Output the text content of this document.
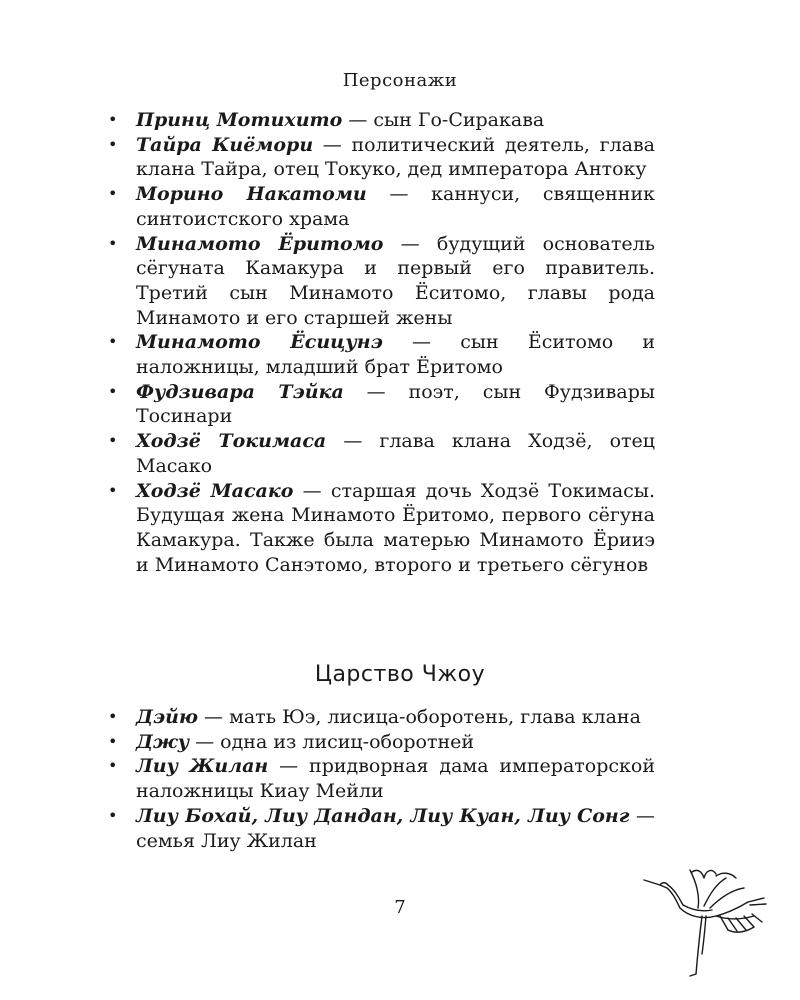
Персонажи
• Принц Мотихито — сын Го-Сиракава
• Тайра Киёмори — политический деятель, глава клана Тайра, отец Токуко, дед императора Антоку
• Морино Накатоми — каннуси, священник синтоистского храма
• Минамото Ёритомо — будущий основатель сёгуната Камакура и первый его правитель. Третий сын Минамото Ёситомо, главы рода Минамото и его старшей жены
• Минамото Ёсицунэ — сын Ёситомо и наложницы, младший брат Ёритомо
• Фудзивара Тэйка — поэт, сын Фудзивары Тосинари
• Ходзё Токимаса — глава клана Ходзё, отец Масако
• Ходзё Масако — старшая дочь Ходзё Токимасы. Будущая жена Минамото Ёритомо, первого сёгуна Камакура. Также была матерью Минамото Ёрииэ и Минамото Санэтомо, второго и третьего сёгунов
Царство Чжоу
• Дэйю — мать Юэ, лисица-оборотень, глава клана
• Джу — одна из лисиц-оборотней
• Лиу Жилан — придворная дама императорской наложницы Киау Мейли
• Лиу Бохай, Лиу Дандан, Лиу Куан, Лиу Сонг — семья Лиу Жилан
7
